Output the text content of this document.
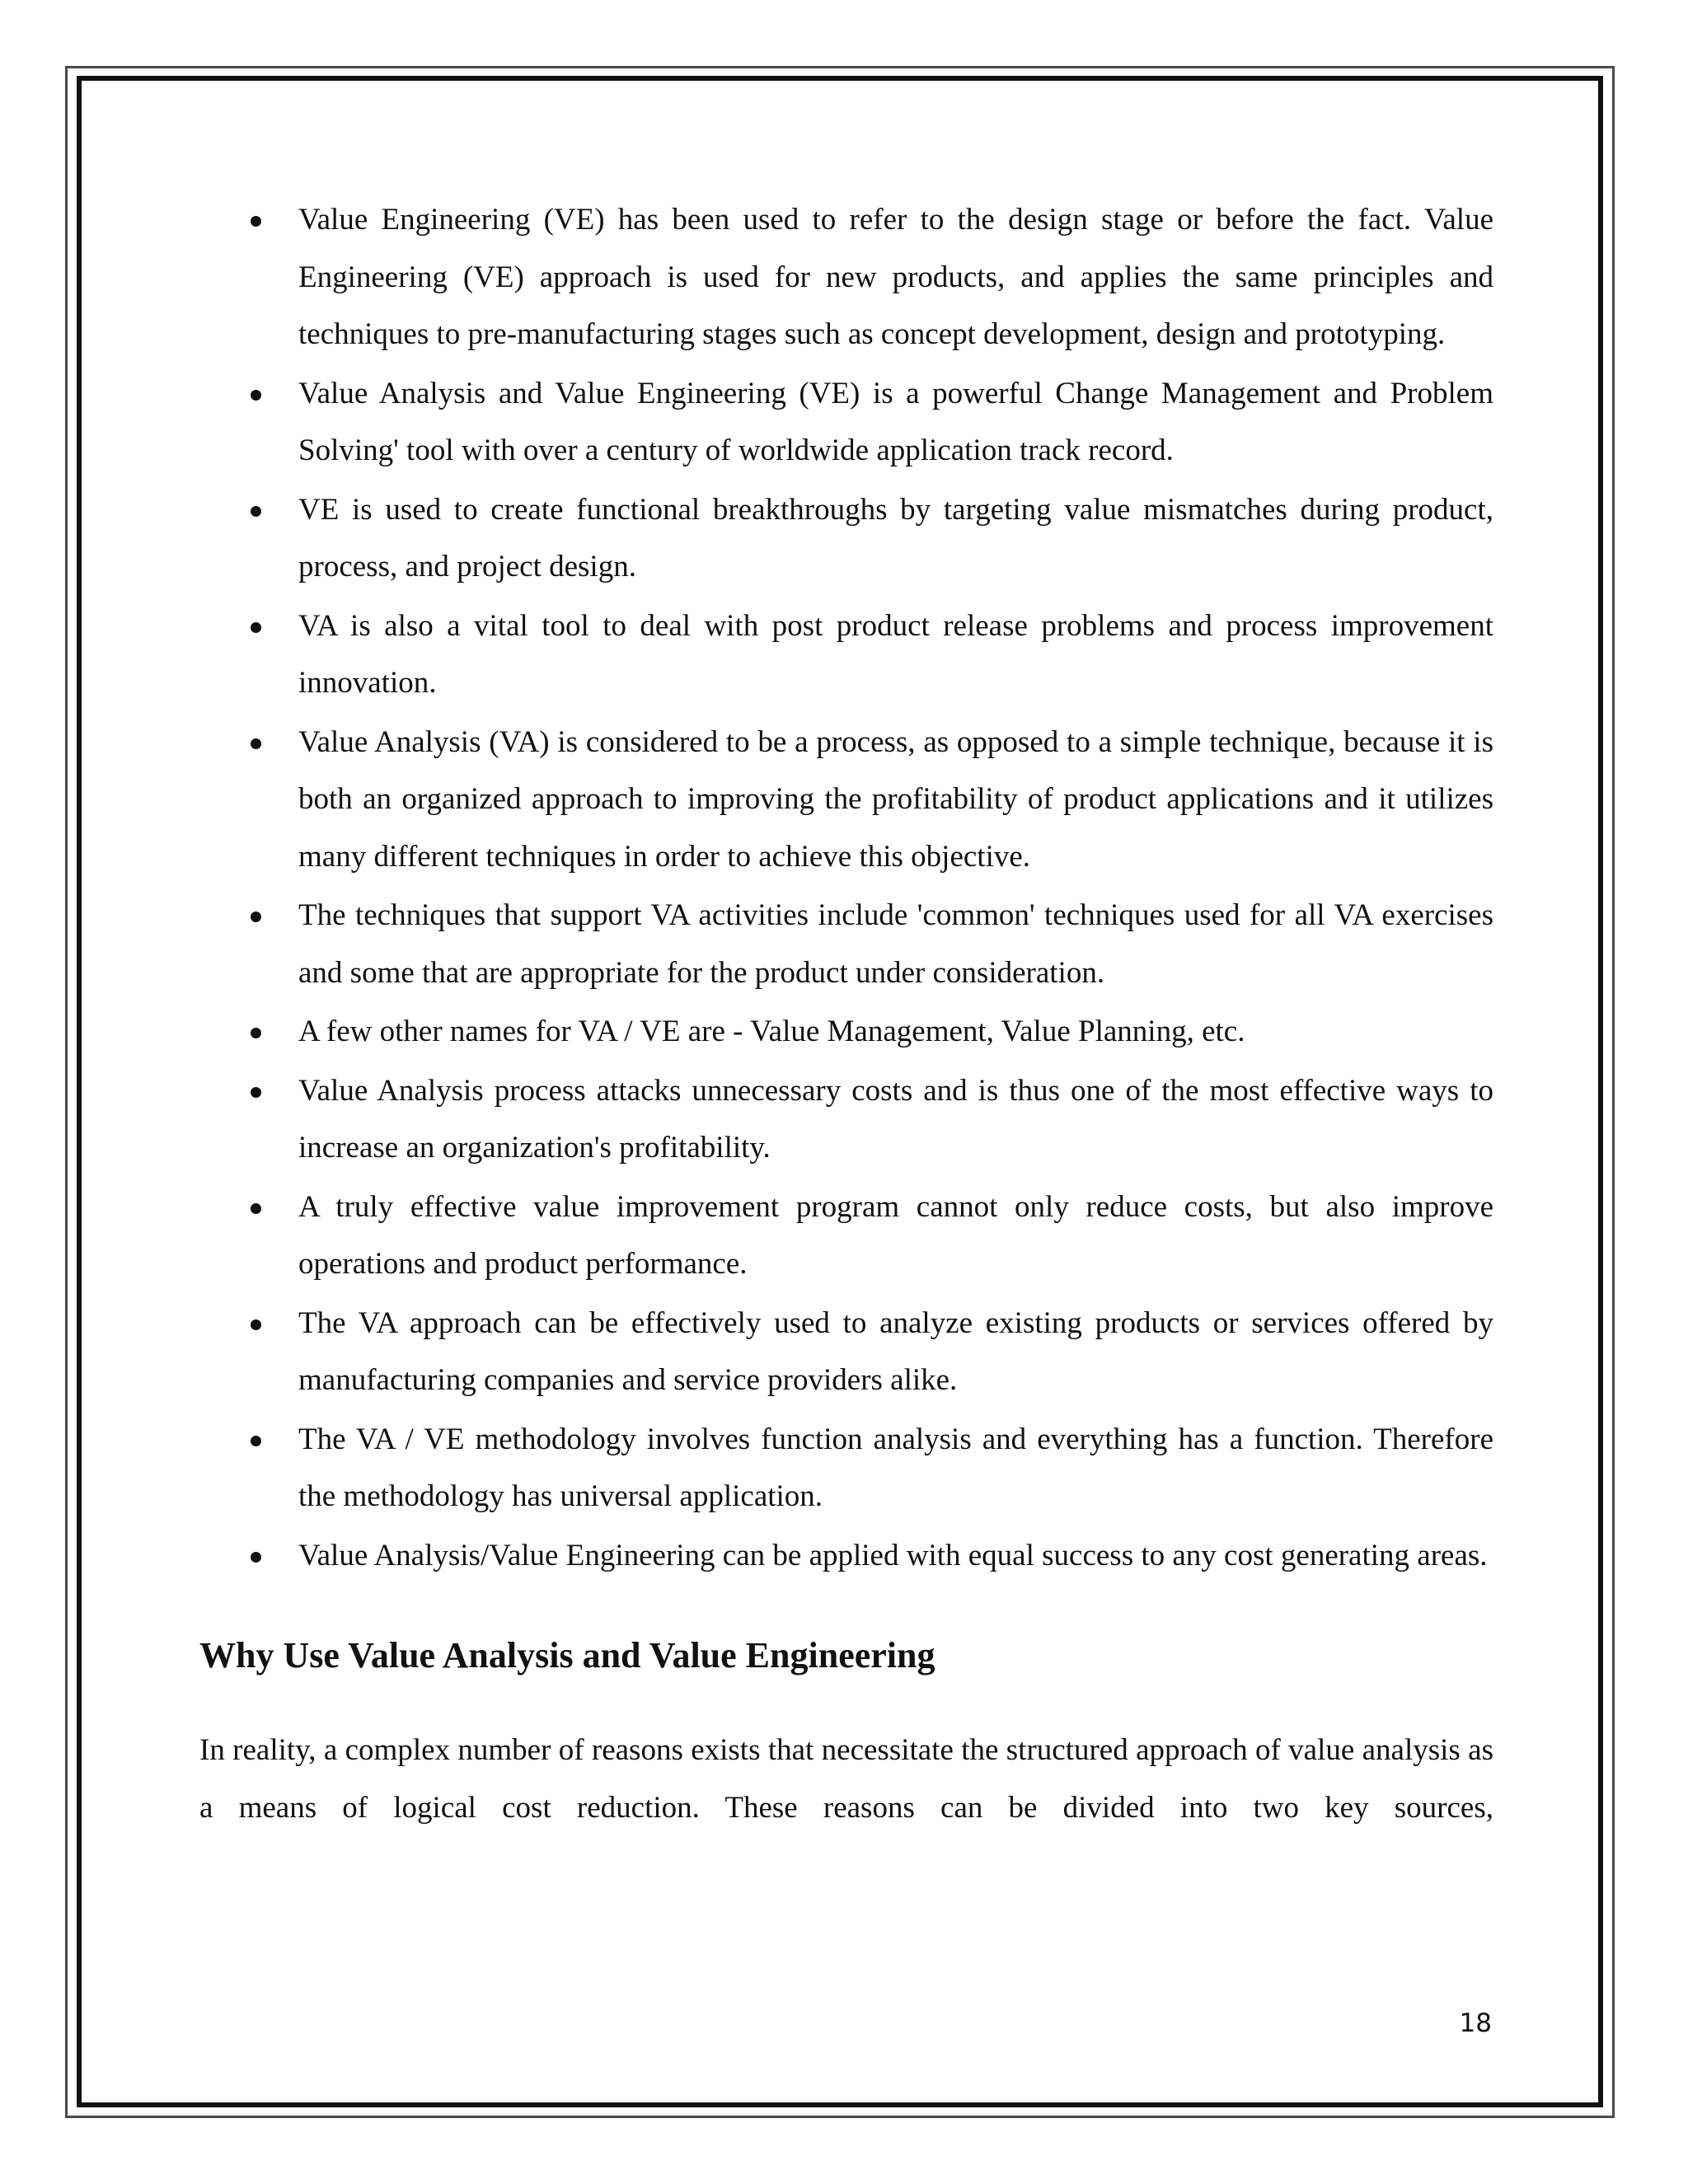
Value Engineering (VE) has been used to refer to the design stage or before the fact. Value Engineering (VE) approach is used for new products, and applies the same principles and techniques to pre-manufacturing stages such as concept development, design and prototyping.
Value Analysis and Value Engineering (VE) is a powerful Change Management and Problem Solving' tool with over a century of worldwide application track record.
VE is used to create functional breakthroughs by targeting value mismatches during product, process, and project design.
VA is also a vital tool to deal with post product release problems and process improvement innovation.
Value Analysis (VA) is considered to be a process, as opposed to a simple technique, because it is both an organized approach to improving the profitability of product applications and it utilizes many different techniques in order to achieve this objective.
The techniques that support VA activities include 'common' techniques used for all VA exercises and some that are appropriate for the product under consideration.
A few other names for VA / VE are - Value Management, Value Planning, etc.
Value Analysis process attacks unnecessary costs and is thus one of the most effective ways to increase an organization's profitability.
A truly effective value improvement program cannot only reduce costs, but also improve operations and product performance.
The VA approach can be effectively used to analyze existing products or services offered by manufacturing companies and service providers alike.
The VA / VE methodology involves function analysis and everything has a function. Therefore the methodology has universal application.
Value Analysis/Value Engineering can be applied with equal success to any cost generating areas.
Why Use Value Analysis and Value Engineering

In reality, a complex number of reasons exists that necessitate the structured approach of value analysis as a means of logical cost reduction. These reasons can be divided into two key sources,

18
